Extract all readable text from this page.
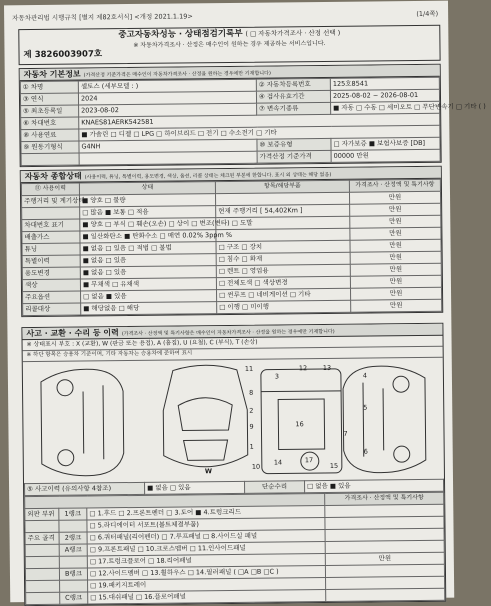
자동차관리법 시행규칙 [별지 제82호서식] <개정 2021.1.19>	(1/4쪽)
중고자동차성능 · 상태점검기록부 ( □ 자동차가격조사 · 산정 선택 )
※ 자동차가격조사 · 산정은 매수인이 원하는 경우 제공하는 서비스입니다.
제 3826003907호
자동차 기본정보 (가격산정 기준가격은 매수인이 자동차가격조사 · 산정을 원하는 경우에만 기재합니다)
① 차명	셀토스 (세부모델 : )	② 자동차등록번호	125호8541
③ 연식	2024	④ 검사유효기간	2025-08-02 ~ 2026-08-01
⑤ 최초등록일	2023-08-02	⑦ 변속기종류	■ 자동 □ 수동 □ 세미오토 □ 무단변속기 □ 기타 ( )
⑥ 차대번호	KNAES81AERK542581		
⑧ 사용연료	■ 가솔린 □ 디젤 □ LPG □ 하이브리드 □ 전기 □ 수소전기 □ 기타		
⑨ 원동기형식	G4NH	⑩ 보증유형	□ 자가보증 ■ 보험사보증 [DB]
		가격산정 기준가격	00000 만원
자동차 종합상태 (사용이력, 튜닝, 특별이력, 용도변경, 색상, 옵션, 리콜 상태는 체크된 부분에 한합니다. 표시 외 상태는 해당 없음)
⑪ 사용이력	상태	항목/해당부품	가격조사 · 산정액 및 특기사항
주행거리 및 계기상태	■ 양호 □ 불량		만원
	□ 많음 ■ 보통 □ 적음	현재 주행거리 [ 54,402Km ]	만원
차대번호 표기	■ 양호 □ 부식 □ 훼손(오손) □ 상이 □ 변조(변타) □ 도말		만원
배출가스	■ 일산화탄소 ■ 탄화수소 □ 매연 0.02% 3ppm %		만원
튜닝	■ 없음 □ 있음 □ 적법 □ 불법	□ 구조 □ 장치	만원
특별이력	■ 없음 □ 있음	□ 침수 □ 화재	만원
용도변경	■ 없음 □ 있음	□ 렌트 □ 영업용	만원
색상	■ 무채색 □ 유채색	□ 전체도색 □ 색상변경	만원
주요옵션	□ 없음 ■ 있음	□ 썬루프 □ 네비게이션 □ 기타	만원
리콜대상	■ 해당없음 □ 해당	□ 이행 □ 미이행	만원
사고 · 교환 · 수리 등 이력 (가격조사 · 산정액 및 특기사항은 매수인이 자동차가격조사 · 산정을 원하는 경우에만 기재합니다)
※ 상태표시 부호 : X (교환), W (판금 또는 용접), A (흠집), U (요철), C (부식), T (손상)
※ 하단 항목은 승용차 기준이며, 기타 자동차는 승용차에 준하여 표시
11
3
12 13
4
8
2
9
5
16
7
1
6
10
14	17
15
W
⑤ 사고이력 (유의사항 4참조)	■ 없음 □ 있음	단순수리	□ 없음 ■ 있음
			가격조사 · 산정액 및 특기사항
외판 부위	1랭크	□ 1.후드 □ 2.프론트펜더 □ 3.도어 ■ 4.트렁크리드	
		□ 5.라디에이터 서포트(볼트체결부품)	
주요 골격	2랭크	□ 6.쿼터패널(리어펜더) □ 7.루프패널 □ 8.사이드실 패널	
	A랭크	□ 9.프론트패널 □ 10.크로스멤버 □ 11.인사이드패널	
		□ 17.트렁크플로어 □ 18.리어패널	만원
	B랭크	□ 12.사이드멤버 □ 13.휠하우스 □ 14.필러패널 ( □A □B □C )	
		□ 19.패키지트레이	
	C랭크	□ 15.대쉬패널 □ 16.플로어패널	
